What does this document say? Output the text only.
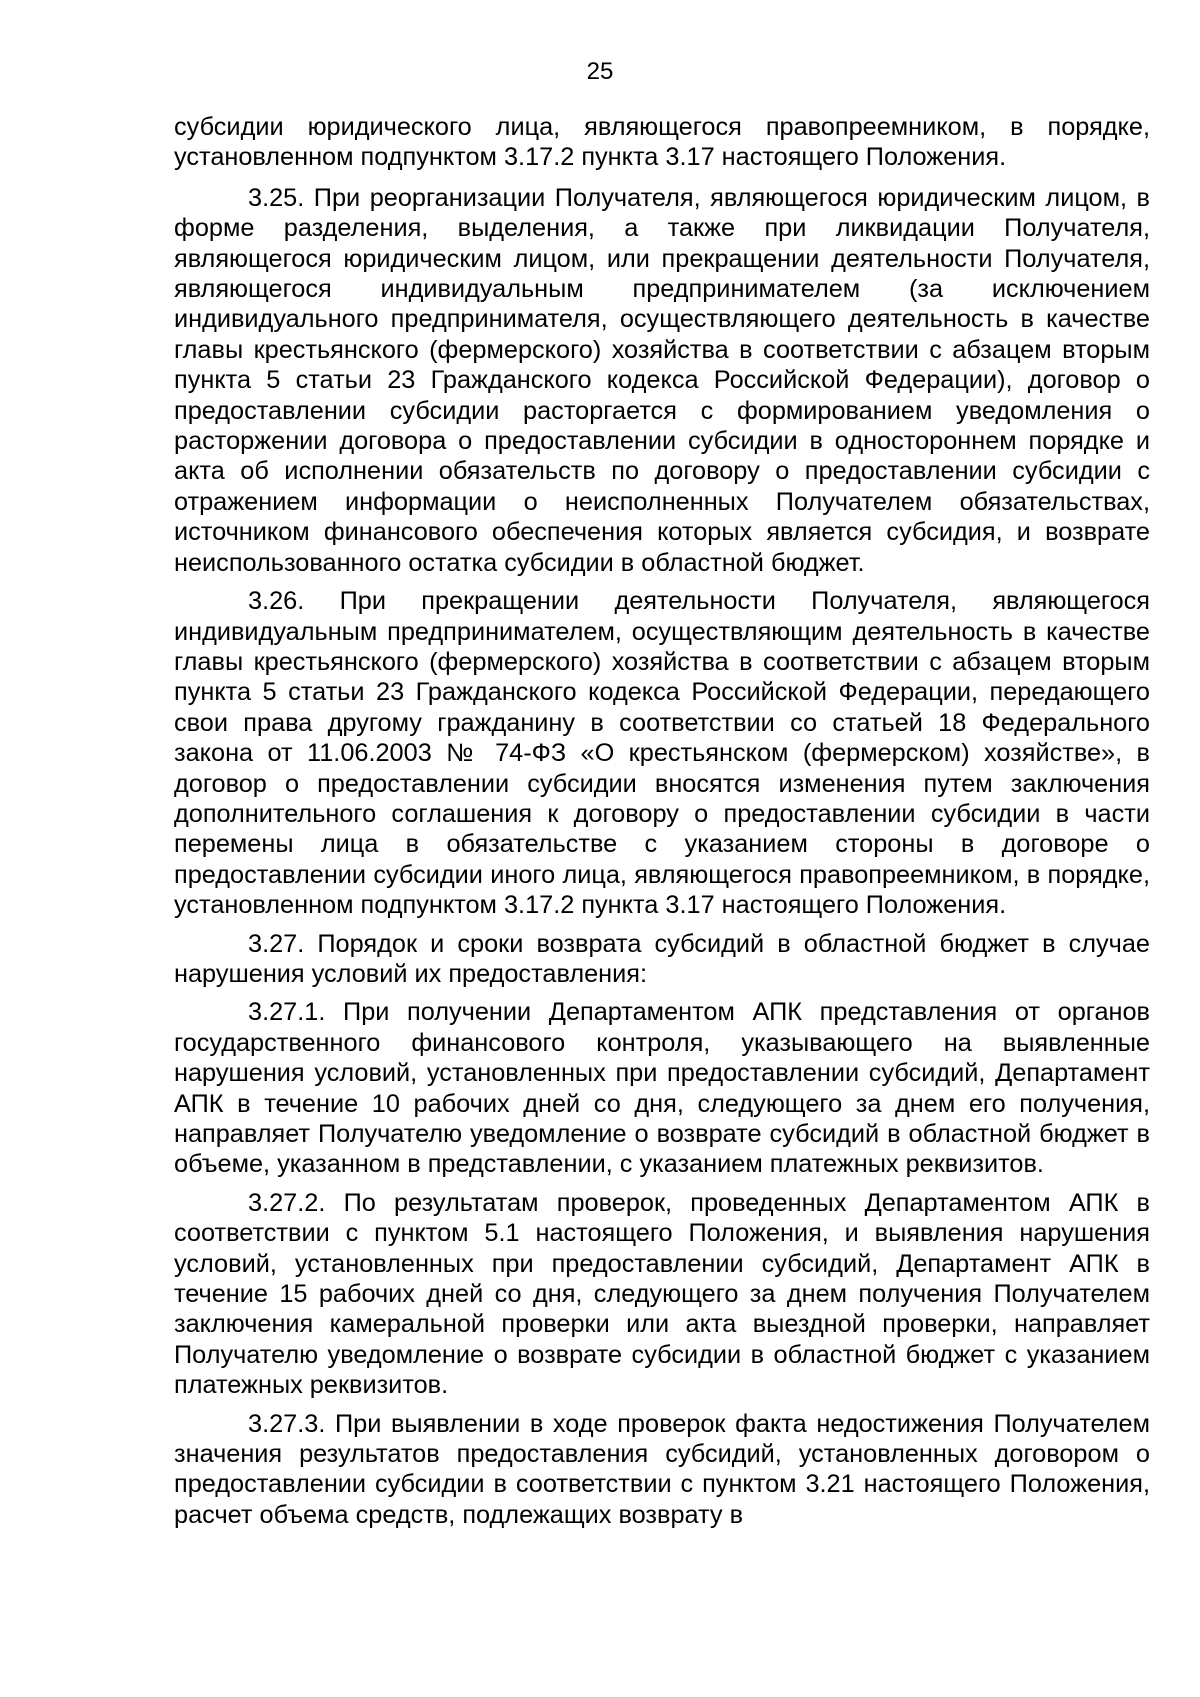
25

субсидии юридического лица, являющегося правопреемником, в порядке, установленном подпунктом 3.17.2 пункта 3.17 настоящего Положения.

3.25. При реорганизации Получателя, являющегося юридическим лицом, в форме разделения, выделения, а также при ликвидации Получателя, являющегося юридическим лицом, или прекращении деятельности Получателя, являющегося индивидуальным предпринимателем (за исключением индивидуального предпринимателя, осуществляющего деятельность в качестве главы крестьянского (фермерского) хозяйства в соответствии с абзацем вторым пункта 5 статьи 23 Гражданского кодекса Российской Федерации), договор о предоставлении субсидии расторгается с формированием уведомления о расторжении договора о предоставлении субсидии в одностороннем порядке и акта об исполнении обязательств по договору о предоставлении субсидии с отражением информации о неисполненных Получателем обязательствах, источником финансового обеспечения которых является субсидия, и возврате неиспользованного остатка субсидии в областной бюджет.

3.26. При прекращении деятельности Получателя, являющегося индивидуальным предпринимателем, осуществляющим деятельность в качестве главы крестьянского (фермерского) хозяйства в соответствии с абзацем вторым пункта 5 статьи 23 Гражданского кодекса Российской Федерации, передающего свои права другому гражданину в соответствии со статьей 18 Федерального закона от 11.06.2003 № 74-ФЗ «О крестьянском (фермерском) хозяйстве», в договор о предоставлении субсидии вносятся изменения путем заключения дополнительного соглашения к договору о предоставлении субсидии в части перемены лица в обязательстве с указанием стороны в договоре о предоставлении субсидии иного лица, являющегося правопреемником, в порядке, установленном подпунктом 3.17.2 пункта 3.17 настоящего Положения.

3.27. Порядок и сроки возврата субсидий в областной бюджет в случае нарушения условий их предоставления:

3.27.1. При получении Департаментом АПК представления от органов государственного финансового контроля, указывающего на выявленные нарушения условий, установленных при предоставлении субсидий, Департамент АПК в течение 10 рабочих дней со дня, следующего за днем его получения, направляет Получателю уведомление о возврате субсидий в областной бюджет в объеме, указанном в представлении, с указанием платежных реквизитов.

3.27.2. По результатам проверок, проведенных Департаментом АПК в соответствии с пунктом 5.1 настоящего Положения, и выявления нарушения условий, установленных при предоставлении субсидий, Департамент АПК в течение 15 рабочих дней со дня, следующего за днем получения Получателем заключения камеральной проверки или акта выездной проверки, направляет Получателю уведомление о возврате субсидии в областной бюджет с указанием платежных реквизитов.

3.27.3. При выявлении в ходе проверок факта недостижения Получателем значения результатов предоставления субсидий, установленных договором о предоставлении субсидии в соответствии с пунктом 3.21 настоящего Положения, расчет объема средств, подлежащих возврату в
